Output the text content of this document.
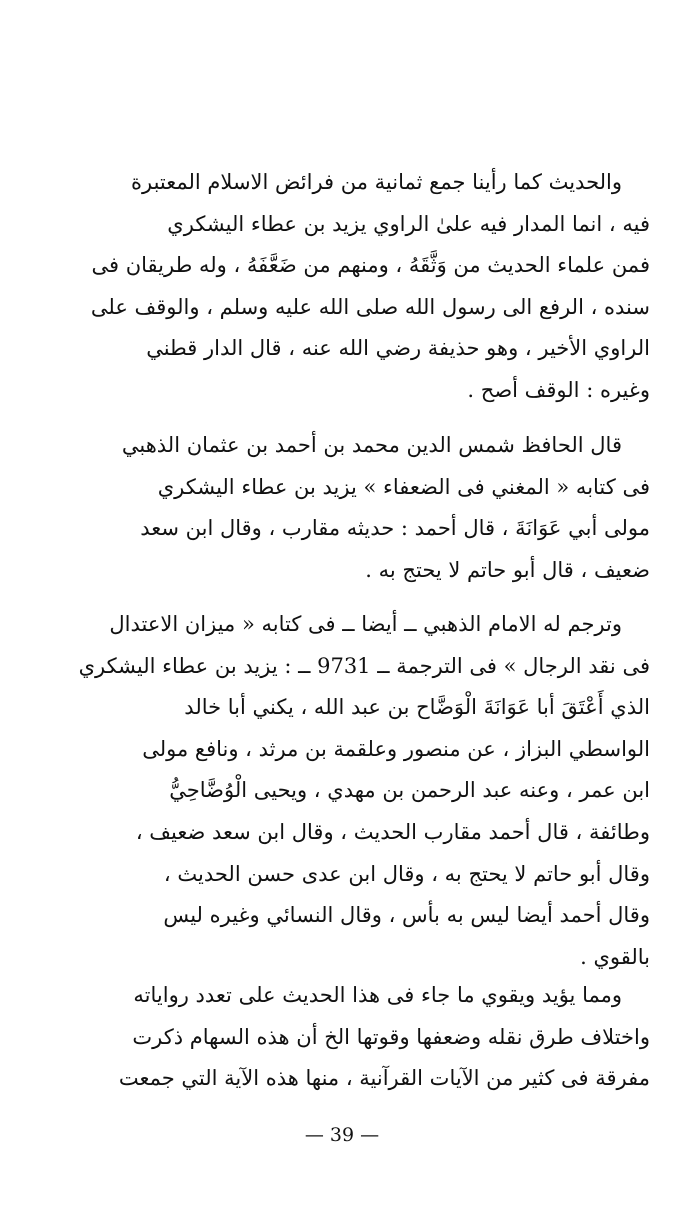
والحديث كما رأينا جمع ثمانية من فرائض الاسلام المعتبرة
فيه ، انما المدار فيه علىٰ الراوي يزيد بن عطاء اليشكري
فمن علماء الحديث من وَثَّقَهُ ، ومنهم من ضَعَّفَهُ ، وله طريقان فى
سنده ، الرفع الى رسول الله صلى الله عليه وسلم ، والوقف على
الراوي الأخير ، وهو حذيفة رضي الله عنه ، قال الدار قطني
وغيره : الوقف أصح .

قال الحافظ شمس الدين محمد بن أحمد بن عثمان الذهبي
فى كتابه « المغني فى الضعفاء » يزيد بن عطاء اليشكري
مولى أبي عَوَانَةَ ، قال أحمد : حديثه مقارب ، وقال ابن سعد
ضعيف ، قال أبو حاتم لا يحتج به .

وترجم له الامام الذهبي ــ أيضا ــ فى كتابه « ميزان الاعتدال
فى نقد الرجال » فى الترجمة ــ 9731 ــ : يزيد بن عطاء اليشكري
الذي أَعْتَقَ أبا عَوَانَةَ الْوَضَّاح بن عبد الله ، يكني أبا خالد
الواسطي البزاز ، عن منصور وعلقمة بن مرثد ، ونافع مولى
ابن عمر ، وعنه عبد الرحمن بن مهدي ، ويحيى الْوُضَّاحِيُّ
وطائفة ، قال أحمد مقارب الحديث ، وقال ابن سعد ضعيف ،
وقال أبو حاتم لا يحتج به ، وقال ابن عدى حسن الحديث ،
وقال أحمد أيضا ليس به بأس ، وقال النسائي وغيره ليس
بالقوي .

ومما يؤيد ويقوي ما جاء فى هذا الحديث على تعدد رواياته
واختلاف طرق نقله وضعفها وقوتها الخ أن هذه السهام ذكرت
مفرقة فى كثير من الآيات القرآنية ، منها هذه الآية التي جمعت

— 39 —
